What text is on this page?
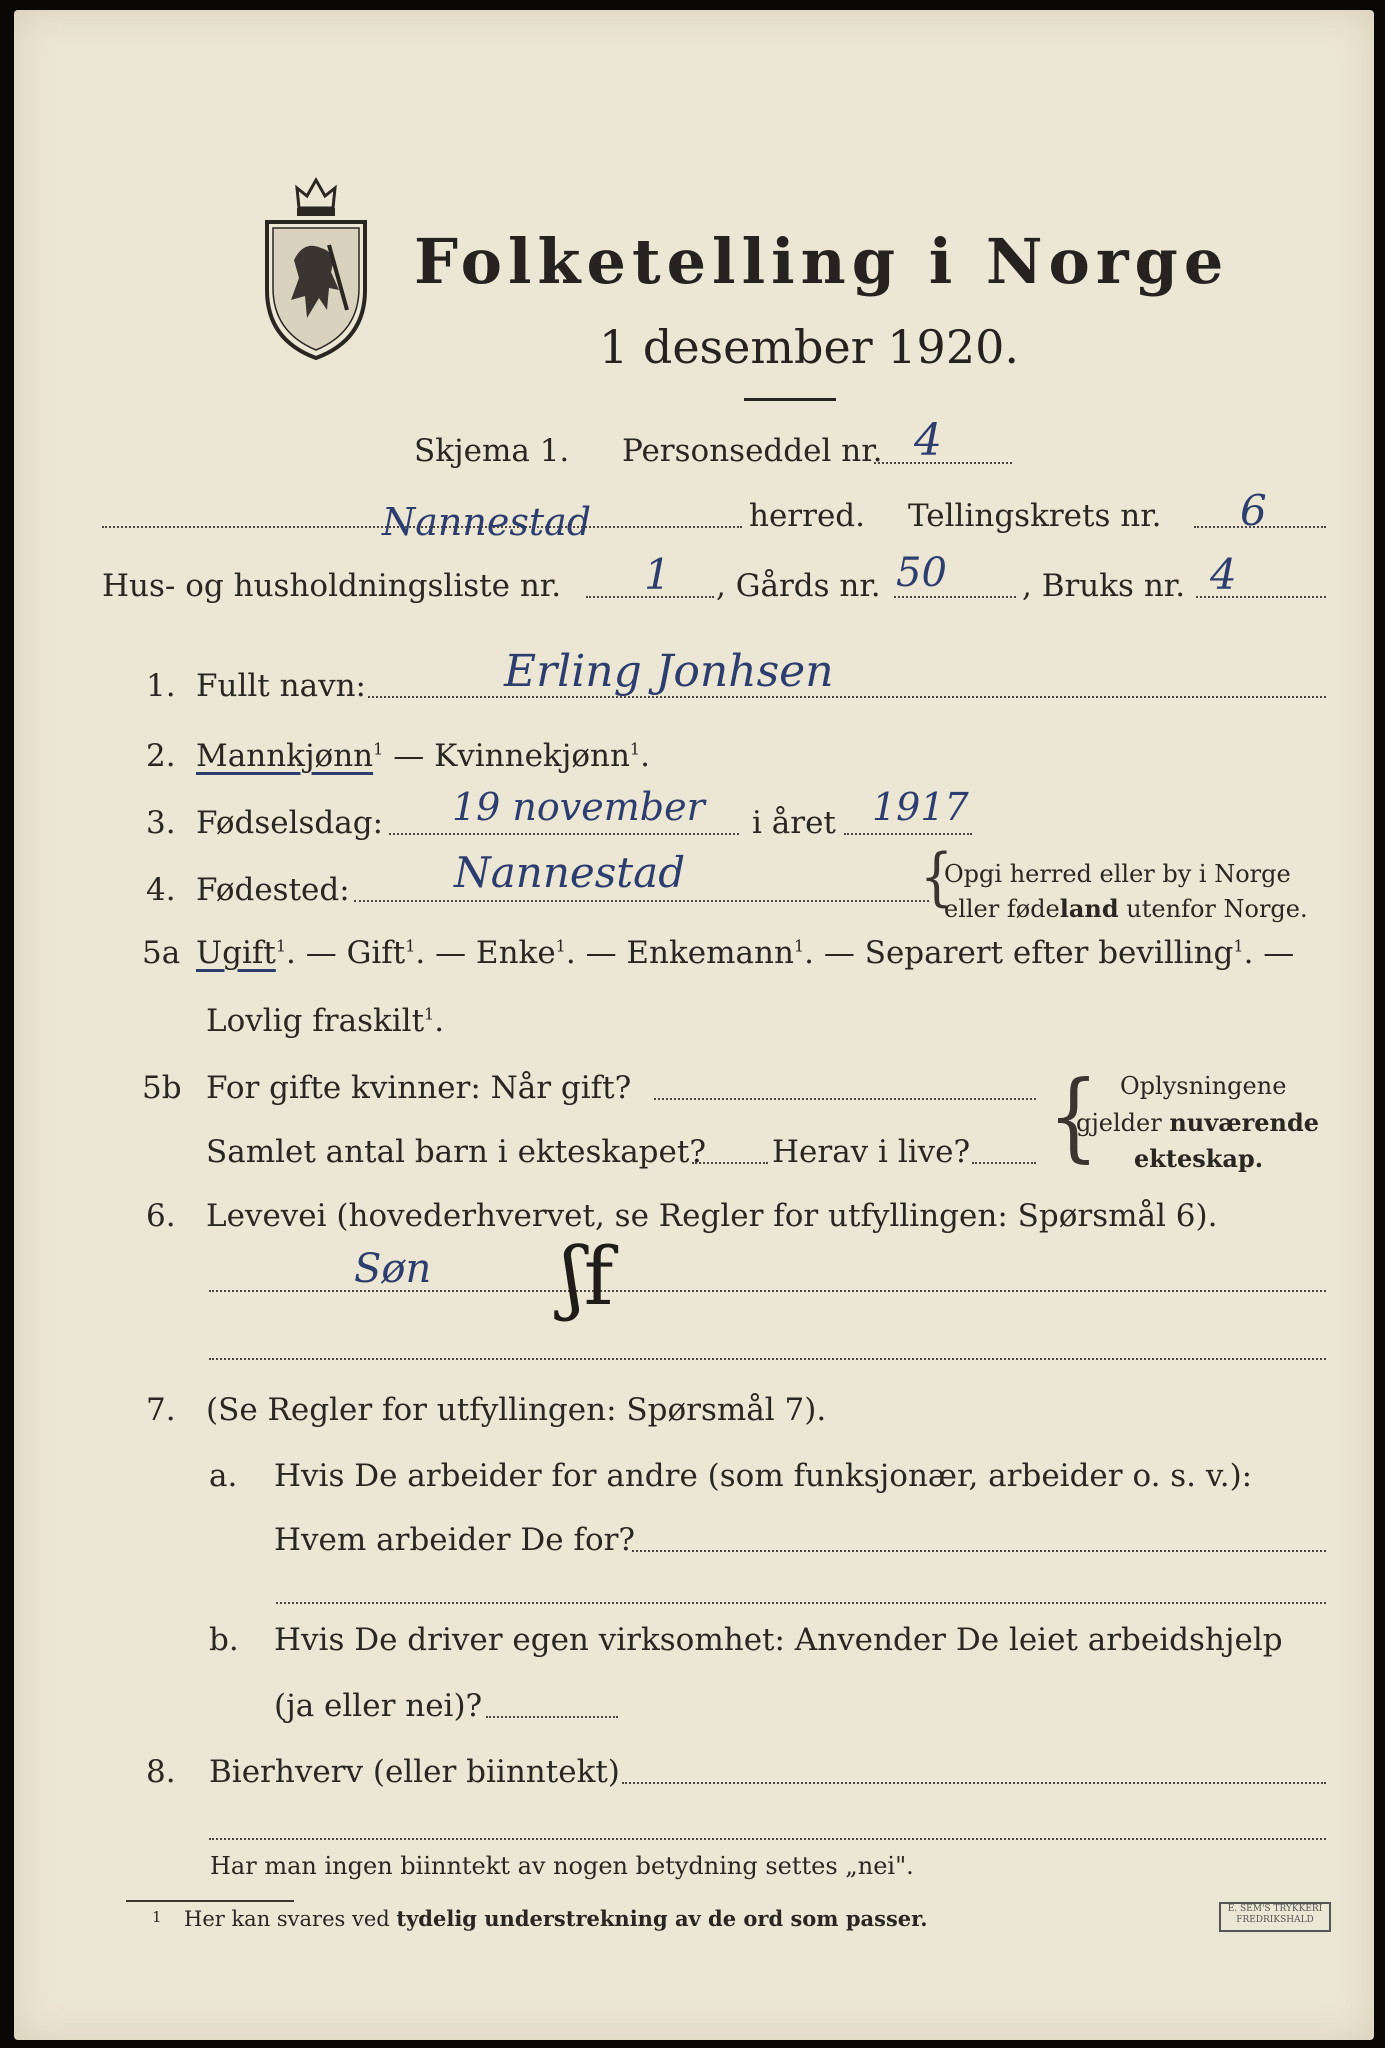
Folketelling i Norge
1 desember 1920.
Skjema 1. Personseddel nr. 4
Nannestad	herred. Tellingskrets nr. 6
Hus- og husholdningsliste nr. 1 , Gårds nr. 50 , Bruks nr. 4
1. Fullt navn:	Erling Jonhsen
2. Mannkjønn$^1$ — Kvinnekjønn$^1$.
3. Fødselsdag: 19 november i året 1917
4. Fødested: Nannestad	{
Opgi herred eller by i Norge
eller fødeland utenfor Norge.
5a Ugift$^1$. — Gift$^1$. — Enke$^1$. — Enkemann$^1$. — Separert efter bevilling$^1$. —
Lovlig fraskilt$^1$.
5b For gifte kvinner: Når gift?
Samlet antal barn i ekteskapet? Herav i live? { Oplysningene
gjelder nuværende
ekteskap.
6. Levevei (hovederhvervet, se Regler for utfyllingen: Spørsmål 6).
Søn ʃf
7. (Se Regler for utfyllingen: Spørsmål 7).
a. Hvis De arbeider for andre (som funksjonær, arbeider o. s. v.):
Hvem arbeider De for?
b. Hvis De driver egen virksomhet: Anvender De leiet arbeidshjelp
(ja eller nei)?
8. Bierhverv (eller biinntekt)
Har man ingen biinntekt av nogen betydning settes „nei".
1 Her kan svares ved tydelig understrekning av de ord som passer.	E. SEM'S TRYKKERI
FREDRIKSHALD
